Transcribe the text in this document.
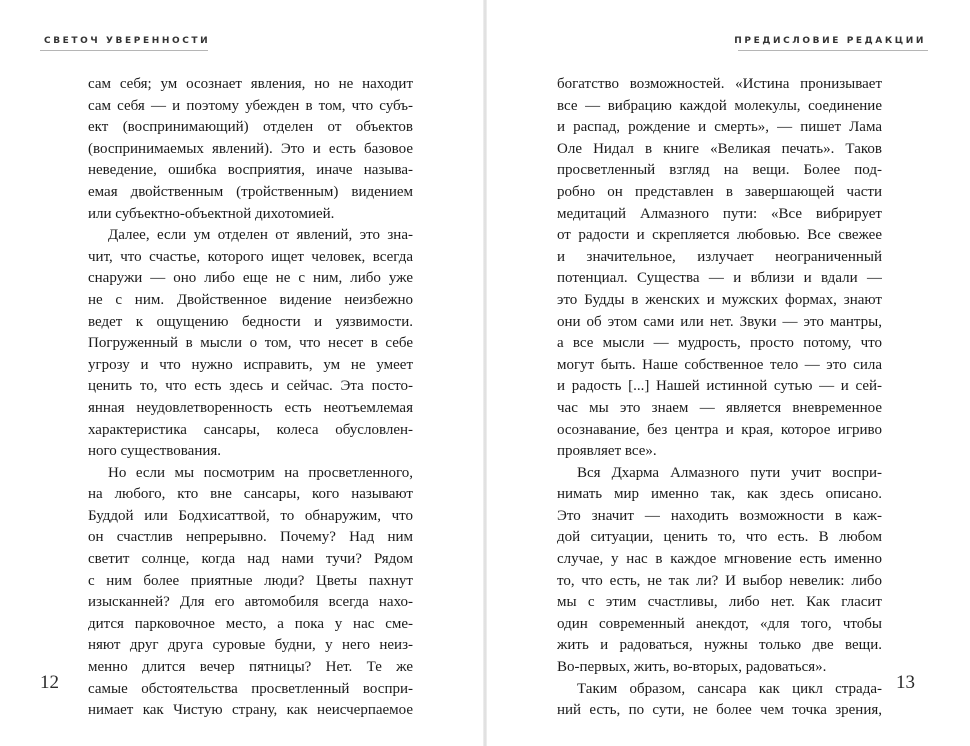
СВЕТОЧ УВЕРЕННОСТИ
сам себя; ум осознает явления, но не находит
сам себя — и поэтому убежден в том, что субъ-
ект (воспринимающий) отделен от объектов
(воспринимаемых явлений). Это и есть базовое
неведение, ошибка восприятия, иначе называ-
емая двойственным (тройственным) видением
или субъектно-объектной дихотомией.
Далее, если ум отделен от явлений, это зна-
чит, что счастье, которого ищет человек, всегда
снаружи — оно либо еще не с ним, либо уже
не с ним. Двойственное видение неизбежно
ведет к ощущению бедности и уязвимости.
Погруженный в мысли о том, что несет в себе
угрозу и что нужно исправить, ум не умеет
ценить то, что есть здесь и сейчас. Эта посто-
янная неудовлетворенность есть неотъемлемая
характеристика сансары, колеса обусловлен-
ного существования.
Но если мы посмотрим на просветленного,
на любого, кто вне сансары, кого называют
Буддой или Бодхисаттвой, то обнаружим, что
он счастлив непрерывно. Почему? Над ним
светит солнце, когда над нами тучи? Рядом
с ним более приятные люди? Цветы пахнут
изысканней? Для его автомобиля всегда нахо-
дится парковочное место, а пока у нас сме-
няют друг друга суровые будни, у него неиз-
менно длится вечер пятницы? Нет. Те же
самые обстоятельства просветленный воспри-
нимает как Чистую страну, как неисчерпаемое
12
ПРЕДИСЛОВИЕ РЕДАКЦИИ
богатство возможностей. «Истина пронизывает
все — вибрацию каждой молекулы, соединение
и распад, рождение и смерть», — пишет Лама
Оле Нидал в книге «Великая печать». Таков
просветленный взгляд на вещи. Более под-
робно он представлен в завершающей части
медитаций Алмазного пути: «Все вибрирует
от радости и скрепляется любовью. Все свежее
и значительное, излучает неограниченный
потенциал. Существа — и вблизи и вдали —
это Будды в женских и мужских формах, знают
они об этом сами или нет. Звуки — это мантры,
а все мысли — мудрость, просто потому, что
могут быть. Наше собственное тело — это сила
и радость [...] Нашей истинной сутью — и сей-
час мы это знаем — является вневременное
осознавание, без центра и края, которое игриво
проявляет все».
Вся Дхарма Алмазного пути учит воспри-
нимать мир именно так, как здесь описано.
Это значит — находить возможности в каж-
дой ситуации, ценить то, что есть. В любом
случае, у нас в каждое мгновение есть именно
то, что есть, не так ли? И выбор невелик: либо
мы с этим счастливы, либо нет. Как гласит
один современный анекдот, «для того, чтобы
жить и радоваться, нужны только две вещи.
Во-первых, жить, во-вторых, радоваться».
Таким образом, сансара как цикл страда-
ний есть, по сути, не более чем точка зрения,
13
